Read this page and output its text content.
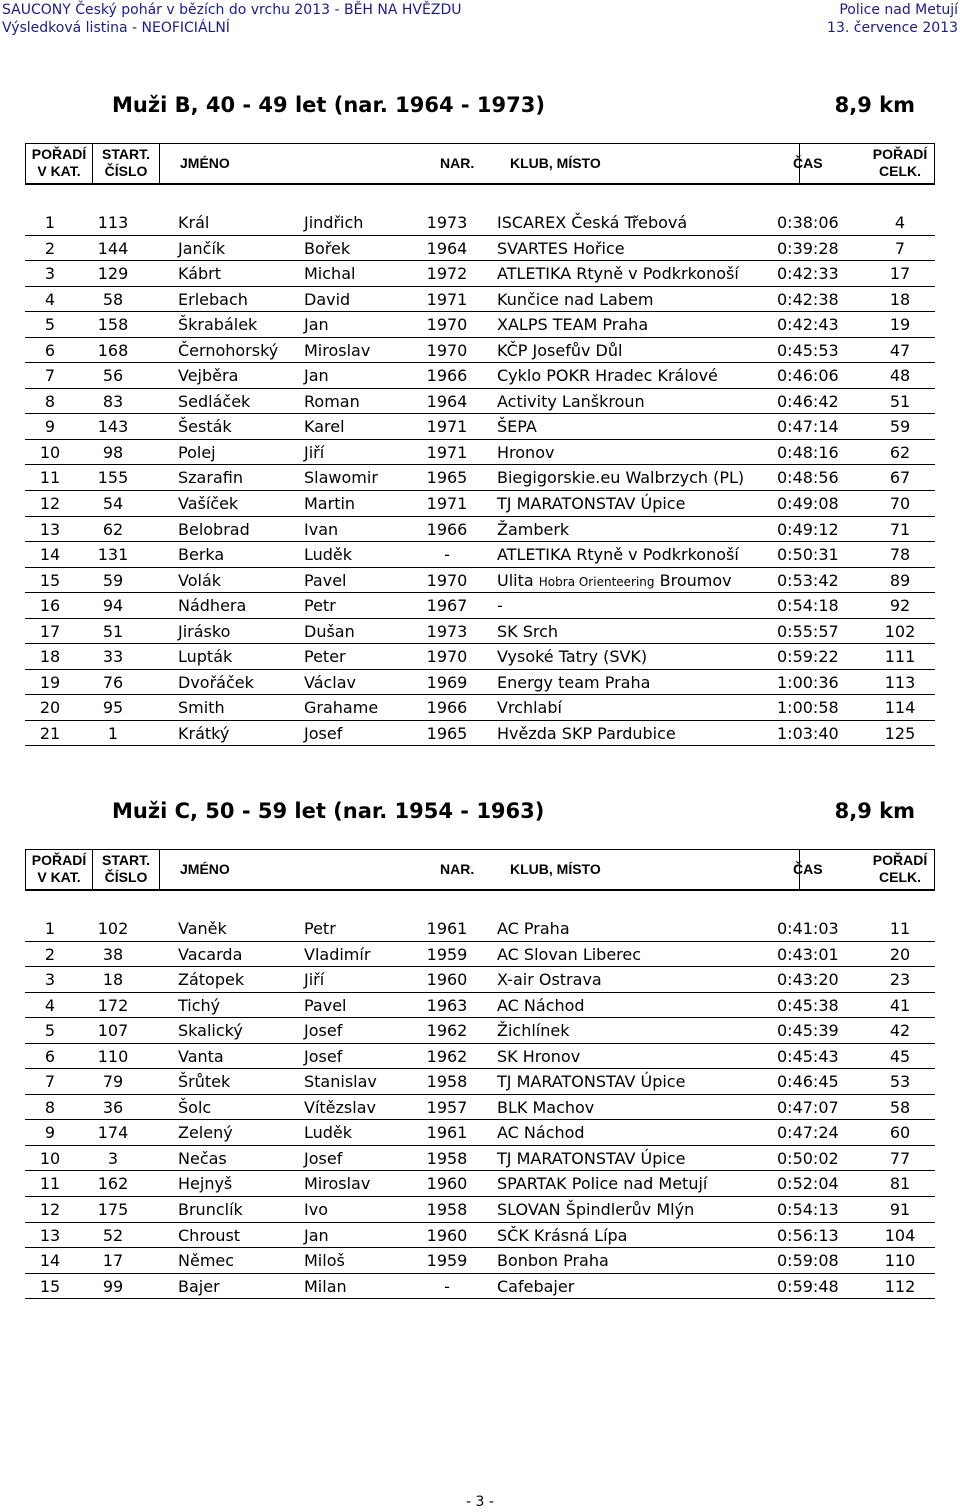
SAUCONY Český pohár v bězích do vrchu 2013 - BĚH NA HVĚZDU
Výsledková listina - NEOFICIÁLNÍ
Police nad Metují
13. července 2013
Muži B, 40 - 49 let (nar. 1964 - 1973)	8,9 km
POŘADÍ
V KAT.
START.
ČÍSLO	JMÉNO	NAR.	KLUB, MÍSTO	ČAS
POŘADÍ
CELK.
1	113	Král	Jindřich	1973 ISCAREX Česká Třebová	0:38:06	4
2	144	Jančík	Bořek	1964 SVARTES Hořice	0:39:28	7
3	129	Kábrt	Michal	1972 ATLETIKA Rtyně v Podkrkonoší 0:42:33	17
4	58	Erlebach	David	1971 Kunčice nad Labem	0:42:38	18
5	158	Škrabálek	Jan	1970 XALPS TEAM Praha	0:42:43	19
6	168	Černohorský Miroslav	1970 KČP Josefův Důl	0:45:53	47
7	56	Vejběra	Jan	1966 Cyklo POKR Hradec Králové	0:46:06	48
8	83	Sedláček	Roman	1964 Activity Lanškroun	0:46:42	51
9	143	Šesták	Karel	1971 ŠEPA	0:47:14	59
10	98	Polej	Jiří	1971 Hronov	0:48:16	62
11	155	Szarafin	Slawomir	1965 Biegigorskie.eu Walbrzych (PL) 0:48:56	67
12	54	Vašíček	Martin	1971 TJ MARATONSTAV Úpice	0:49:08	70
13	62	Belobrad	Ivan	1966 Žamberk	0:49:12	71
14	131	Berka	Luděk	-	ATLETIKA Rtyně v Podkrkonoší 0:50:31	78
15	59	Volák	Pavel	1970 Ulita Hobra Orienteering Broumov	0:53:42	89
16	94	Nádhera	Petr	1967 -	0:54:18	92
17	51	Jirásko	Dušan	1973 SK Srch	0:55:57	102
18	33	Lupták	Peter	1970 Vysoké Tatry (SVK)	0:59:22	111
19	76	Dvořáček	Václav	1969 Energy team Praha	1:00:36	113
20	95	Smith	Grahame	1966 Vrchlabí	1:00:58	114
21	1	Krátký	Josef	1965 Hvězda SKP Pardubice	1:03:40	125
Muži C, 50 - 59 let (nar. 1954 - 1963)	8,9 km
POŘADÍ
V KAT.
START.
ČÍSLO	JMÉNO	NAR.	KLUB, MÍSTO	ČAS
POŘADÍ
CELK.
1	102	Vaněk	Petr	1961 AC Praha	0:41:03	11
2	38	Vacarda	Vladimír	1959 AC Slovan Liberec	0:43:01	20
3	18	Zátopek	Jiří	1960 X-air Ostrava	0:43:20	23
4	172	Tichý	Pavel	1963 AC Náchod	0:45:38	41
5	107	Skalický	Josef	1962 Žichlínek	0:45:39	42
6	110	Vanta	Josef	1962 SK Hronov	0:45:43	45
7	79	Šrůtek	Stanislav	1958 TJ MARATONSTAV Úpice	0:46:45	53
8	36	Šolc	Vítězslav	1957 BLK Machov	0:47:07	58
9	174	Zelený	Luděk	1961 AC Náchod	0:47:24	60
10	3	Nečas	Josef	1958 TJ MARATONSTAV Úpice	0:50:02	77
11	162	Hejnyš	Miroslav	1960 SPARTAK Police nad Metují	0:52:04	81
12	175	Brunclík	Ivo	1958 SLOVAN Špindlerův Mlýn	0:54:13	91
13	52	Chroust	Jan	1960 SČK Krásná Lípa	0:56:13	104
14	17	Němec	Miloš	1959 Bonbon Praha	0:59:08	110
15	99	Bajer	Milan	-	Cafebajer	0:59:48	112
- 3 -
